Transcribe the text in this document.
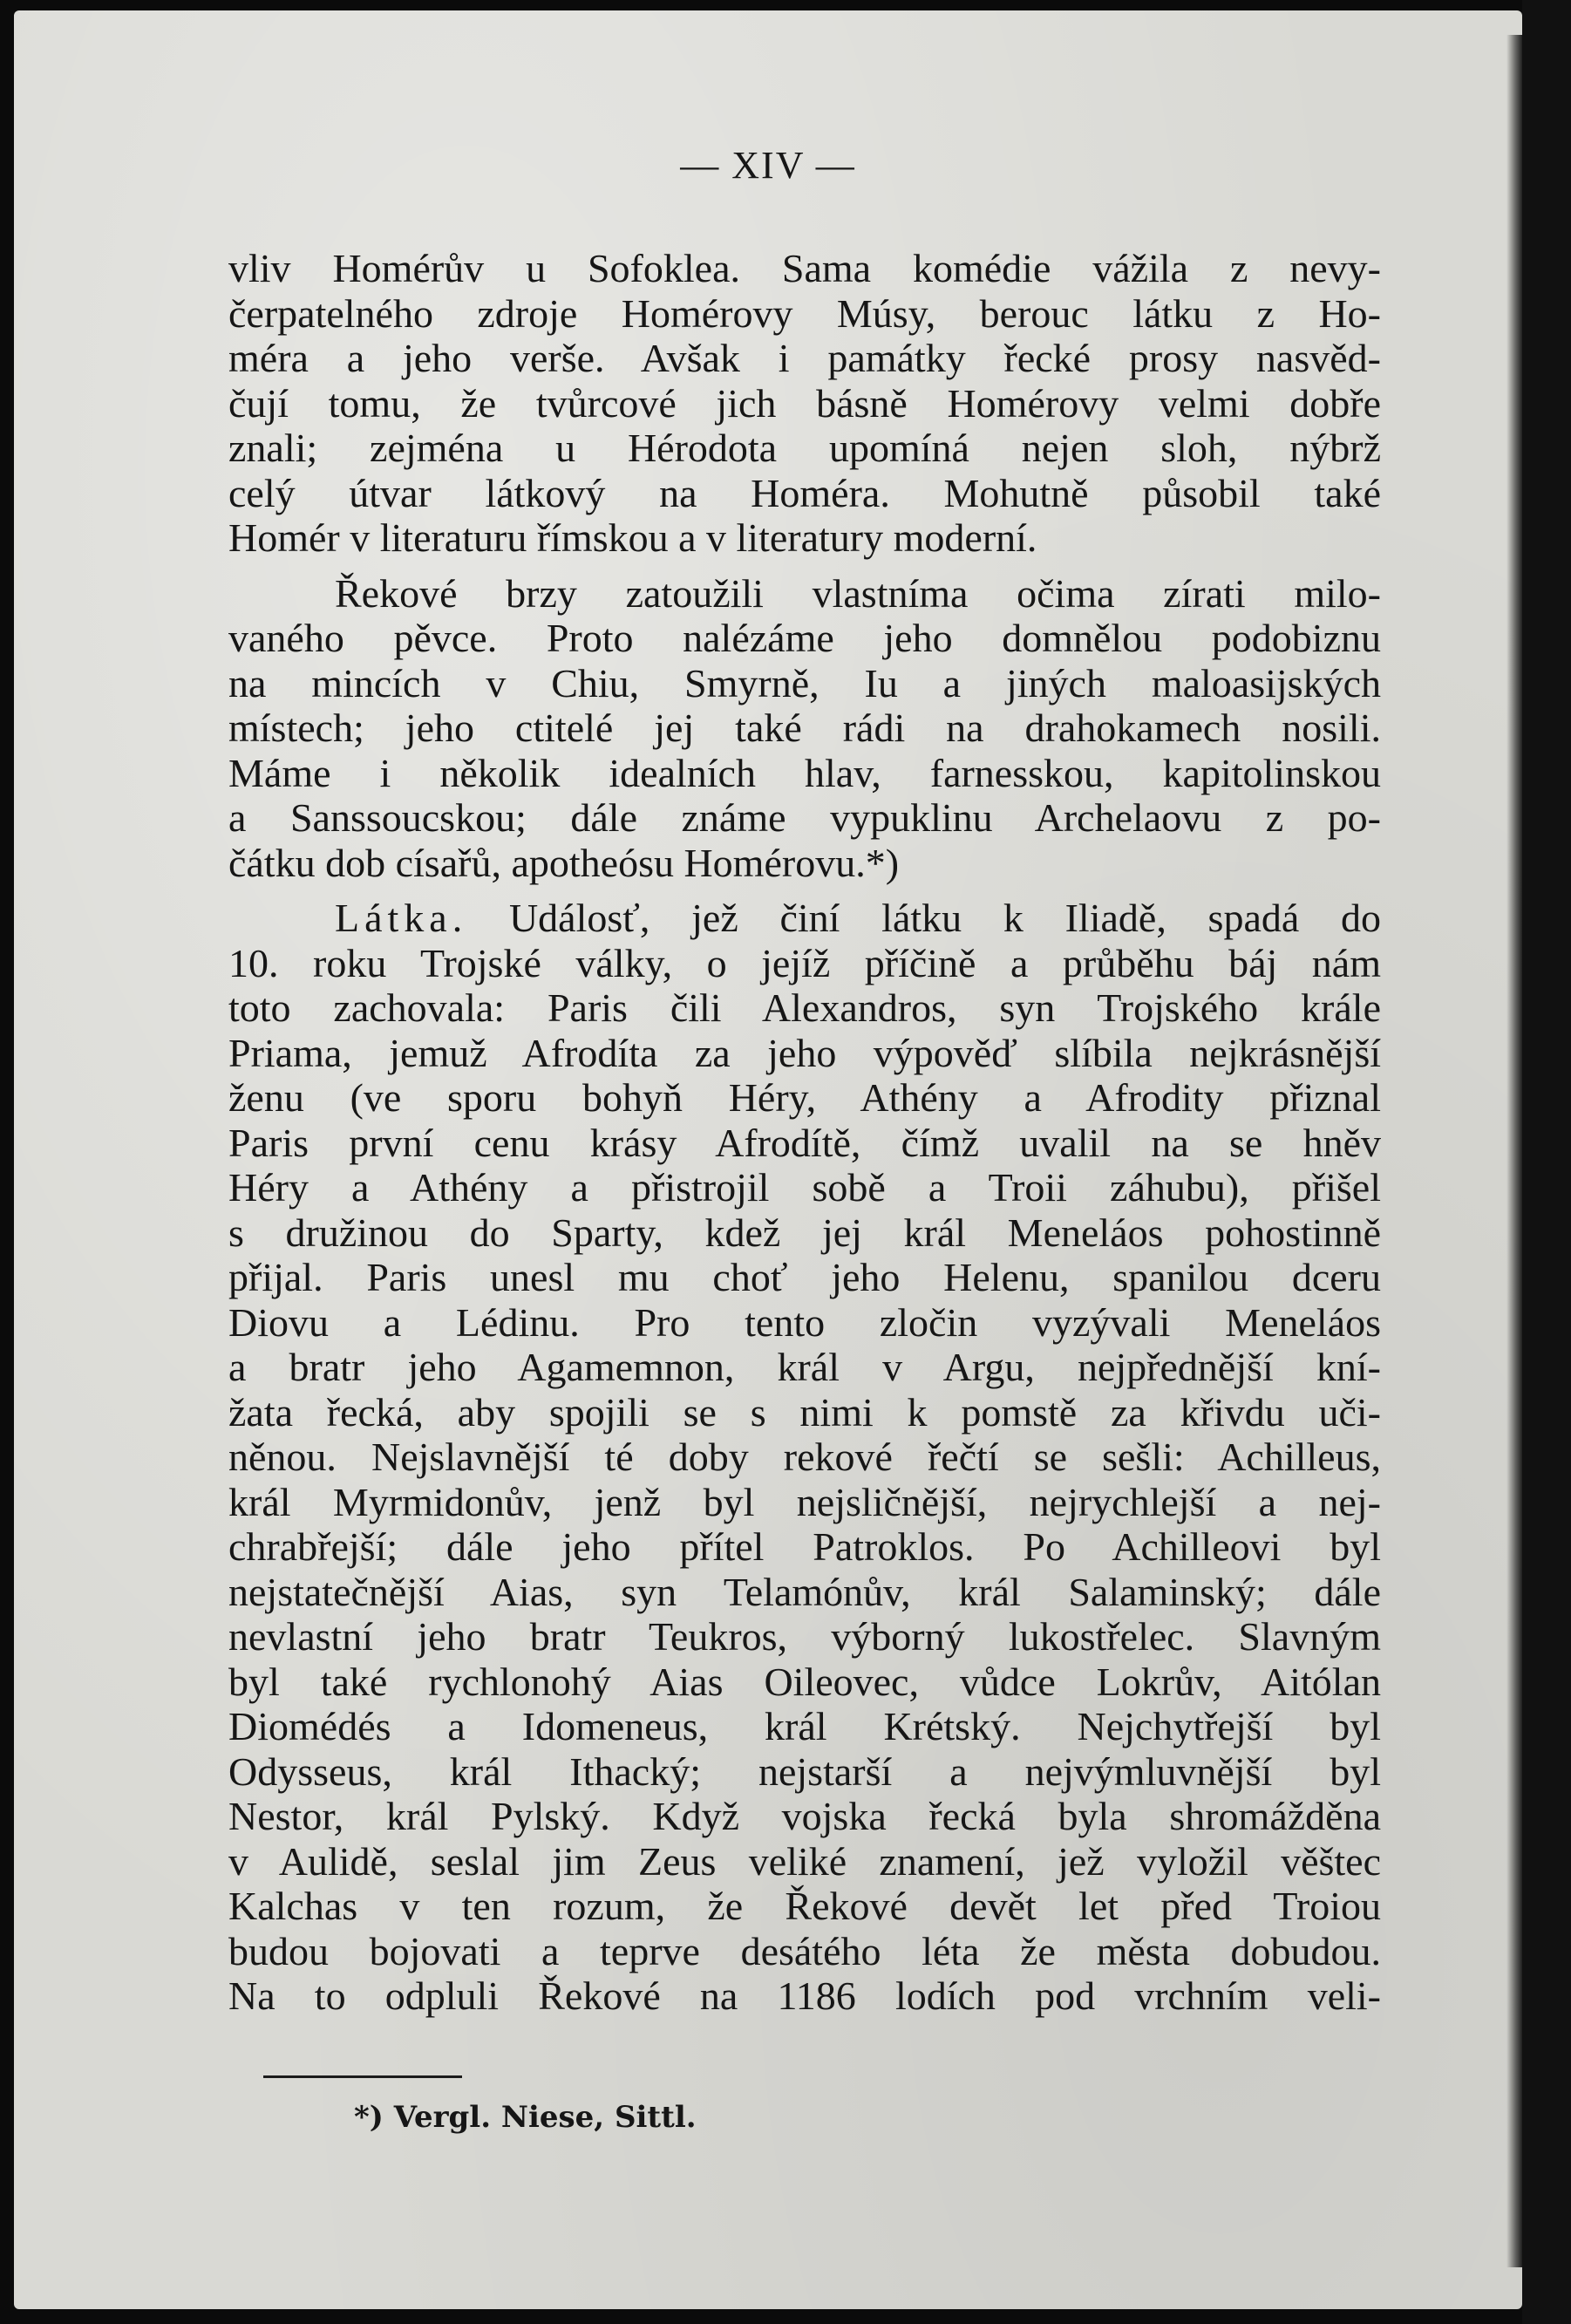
— XIV —
vliv Homérův u Sofoklea. Sama komédie vážila z nevy-
čerpatelného zdroje Homérovy Músy, berouc látku z Ho-
méra a jeho verše. Avšak i památky řecké prosy nasvěd-
čují tomu, že tvůrcové jich básně Homérovy velmi dobře
znali; zejména u Hérodota upomíná nejen sloh, nýbrž
celý útvar látkový na Homéra. Mohutně působil také
Homér v literaturu římskou a v literatury moderní.
Řekové brzy zatoužili vlastníma očima zírati milo-
vaného pěvce. Proto nalézáme jeho domnělou podobiznu
na mincích v Chiu, Smyrně, Iu a jiných maloasijských
místech; jeho ctitelé jej také rádi na drahokamech nosili.
Máme i několik idealních hlav, farnesskou, kapitolinskou
a Sanssoucskou; dále známe vypuklinu Archelaovu z po-
čátku dob císařů, apotheósu Homérovu.*)
Látka. Událosť, jež činí látku k Iliadě, spadá do
10. roku Trojské války, o jejíž příčině a průběhu báj nám
toto zachovala: Paris čili Alexandros, syn Trojského krále
Priama, jemuž Afrodíta za jeho výpověď slíbila nejkrásnější
ženu (ve sporu bohyň Héry, Athény a Afrodity přiznal
Paris první cenu krásy Afrodítě, čímž uvalil na se hněv
Héry a Athény a přistrojil sobě a Troii záhubu), přišel
s družinou do Sparty, kdež jej král Meneláos pohostinně
přijal. Paris unesl mu choť jeho Helenu, spanilou dceru
Diovu a Lédinu. Pro tento zločin vyzývali Meneláos
a bratr jeho Agamemnon, král v Argu, nejpřednější kní-
žata řecká, aby spojili se s nimi k pomstě za křivdu uči-
něnou. Nejslavnější té doby rekové řečtí se sešli: Achilleus,
král Myrmidonův, jenž byl nejsličnější, nejrychlejší a nej-
chrabřejší; dále jeho přítel Patroklos. Po Achilleovi byl
nejstatečnější Aias, syn Telamónův, král Salaminský; dále
nevlastní jeho bratr Teukros, výborný lukostřelec. Slavným
byl také rychlonohý Aias Oileovec, vůdce Lokrův, Aitólan
Diomédés a Idomeneus, král Krétský. Nejchytřejší byl
Odysseus, král Ithacký; nejstarší a nejvýmluvnější byl
Nestor, král Pylský. Když vojska řecká byla shromážděna
v Aulidě, seslal jim Zeus veliké znamení, jež vyložil věštec
Kalchas v ten rozum, že Řekové devět let před Troiou
budou bojovati a teprve desátého léta že města dobudou.
Na to odpluli Řekové na 1186 lodích pod vrchním veli-
*) Vergl. Niese, Sittl.
